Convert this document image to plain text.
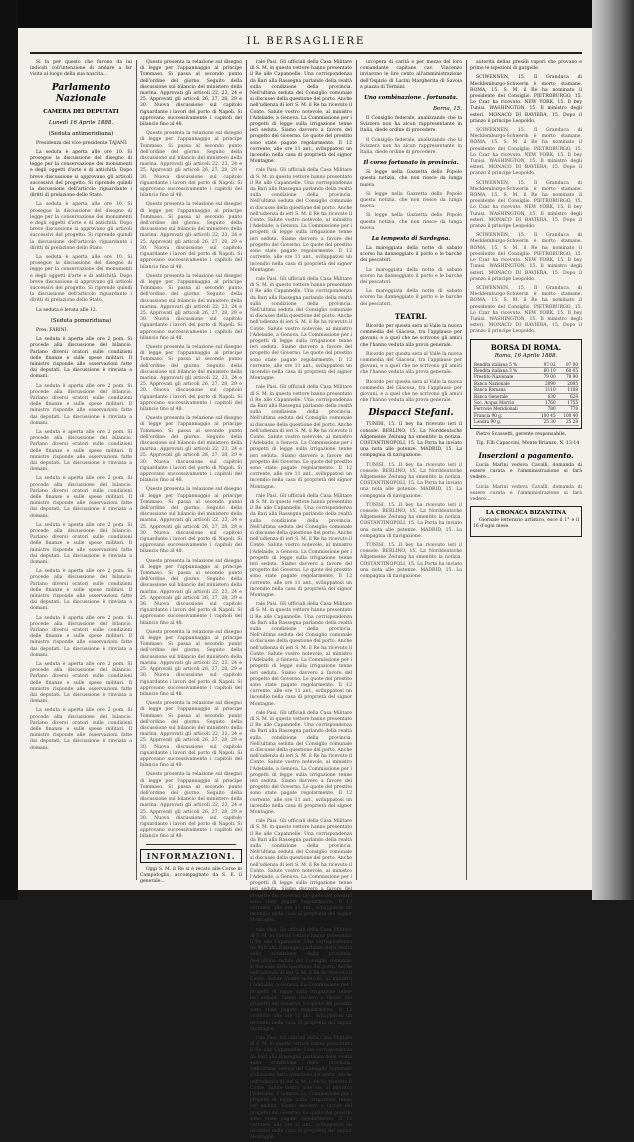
IL BERSAGLIERE

Si fa per questo che furono da lui indicati coll'intenzione di andare a far visita al luogo della sua nascita...

Parlamento Nazionale
CAMERA DEI DEPUTATI
Lunedì 16 Aprile 1888.
(Seduta antimeridiana)

Presidenza del vice-presidente TAJANI.

La seduta è aperta alle ore 10. Si prosegue la discussione del disegno di legge per la conservazione dei monumenti e degli oggetti d'arte e di antichità. Dopo breve discussione si approvano gli articoli successivi del progetto. Si riprende quindi la discussione dell'articolo riguardante i diritti di prelazione dello Stato.

La seduta è aperta alle ore 10. Si prosegue la discussione del disegno di legge per la conservazione dei monumenti e degli oggetti d'arte e di antichità. Dopo breve discussione si approvano gli articoli successivi del progetto. Si riprende quindi la discussione dell'articolo riguardante i diritti di prelazione dello Stato.

La seduta è aperta alle ore 10. Si prosegue la discussione del disegno di legge per la conservazione dei monumenti e degli oggetti d'arte e di antichità. Dopo breve discussione si approvano gli articoli successivi del progetto. Si riprende quindi la discussione dell'articolo riguardante i diritti di prelazione dello Stato.

La seduta è levata alle 12.

(Seduta pomeridiana)

Pres. FARINI.

La seduta è aperta alle ore 2 pom. Si procede alla discussione del bilancio. Parlano diversi oratori sulle condizioni delle finanze e sulle spese militari. Il ministro risponde alle osservazioni fatte dai deputati. La discussione è rinviata a domani.

La seduta è aperta alle ore 2 pom. Si procede alla discussione del bilancio. Parlano diversi oratori sulle condizioni delle finanze e sulle spese militari. Il ministro risponde alle osservazioni fatte dai deputati. La discussione è rinviata a domani.

La seduta è aperta alle ore 2 pom. Si procede alla discussione del bilancio. Parlano diversi oratori sulle condizioni delle finanze e sulle spese militari. Il ministro risponde alle osservazioni fatte dai deputati. La discussione è rinviata a domani.

La seduta è aperta alle ore 2 pom. Si procede alla discussione del bilancio. Parlano diversi oratori sulle condizioni delle finanze e sulle spese militari. Il ministro risponde alle osservazioni fatte dai deputati. La discussione è rinviata a domani.

La seduta è aperta alle ore 2 pom. Si procede alla discussione del bilancio. Parlano diversi oratori sulle condizioni delle finanze e sulle spese militari. Il ministro risponde alle osservazioni fatte dai deputati. La discussione è rinviata a domani.

La seduta è aperta alle ore 2 pom. Si procede alla discussione del bilancio. Parlano diversi oratori sulle condizioni delle finanze e sulle spese militari. Il ministro risponde alle osservazioni fatte dai deputati. La discussione è rinviata a domani.

La seduta è aperta alle ore 2 pom. Si procede alla discussione del bilancio. Parlano diversi oratori sulle condizioni delle finanze e sulle spese militari. Il ministro risponde alle osservazioni fatte dai deputati. La discussione è rinviata a domani.

La seduta è aperta alle ore 2 pom. Si procede alla discussione del bilancio. Parlano diversi oratori sulle condizioni delle finanze e sulle spese militari. Il ministro risponde alle osservazioni fatte dai deputati. La discussione è rinviata a domani.

La seduta è aperta alle ore 2 pom. Si procede alla discussione del bilancio. Parlano diversi oratori sulle condizioni delle finanze e sulle spese militari. Il ministro risponde alle osservazioni fatte dai deputati. La discussione è rinviata a domani.

Questo presenta la relazione sul disegno di legge per l'appannaggio al principe Tommaso. Si passa al secondo punto dell'ordine del giorno. Seguito della discussione sul bilancio del ministero della marina. Approvati gli articoli 22, 23, 24 e 25. Approvati gli articoli 26, 27, 28, 29 e 30. Nuova discussione sul capitolo riguardante i lavori del porto di Napoli. Si approvano successivamente i capitoli del bilancio fino al 48.

Questo presenta la relazione sul disegno di legge per l'appannaggio al principe Tommaso. Si passa al secondo punto dell'ordine del giorno. Seguito della discussione sul bilancio del ministero della marina. Approvati gli articoli 22, 23, 24 e 25. Approvati gli articoli 26, 27, 28, 29 e 30. Nuova discussione sul capitolo riguardante i lavori del porto di Napoli. Si approvano successivamente i capitoli del bilancio fino al 48.

Questo presenta la relazione sul disegno di legge per l'appannaggio al principe Tommaso. Si passa al secondo punto dell'ordine del giorno. Seguito della discussione sul bilancio del ministero della marina. Approvati gli articoli 22, 23, 24 e 25. Approvati gli articoli 26, 27, 28, 29 e 30. Nuova discussione sul capitolo riguardante i lavori del porto di Napoli. Si approvano successivamente i capitoli del bilancio fino al 48.

Questo presenta la relazione sul disegno di legge per l'appannaggio al principe Tommaso. Si passa al secondo punto dell'ordine del giorno. Seguito della discussione sul bilancio del ministero della marina. Approvati gli articoli 22, 23, 24 e 25. Approvati gli articoli 26, 27, 28, 29 e 30. Nuova discussione sul capitolo riguardante i lavori del porto di Napoli. Si approvano successivamente i capitoli del bilancio fino al 48.

Questo presenta la relazione sul disegno di legge per l'appannaggio al principe Tommaso. Si passa al secondo punto dell'ordine del giorno. Seguito della discussione sul bilancio del ministero della marina. Approvati gli articoli 22, 23, 24 e 25. Approvati gli articoli 26, 27, 28, 29 e 30. Nuova discussione sul capitolo riguardante i lavori del porto di Napoli. Si approvano successivamente i capitoli del bilancio fino al 48.

Questo presenta la relazione sul disegno di legge per l'appannaggio al principe Tommaso. Si passa al secondo punto dell'ordine del giorno. Seguito della discussione sul bilancio del ministero della marina. Approvati gli articoli 22, 23, 24 e 25. Approvati gli articoli 26, 27, 28, 29 e 30. Nuova discussione sul capitolo riguardante i lavori del porto di Napoli. Si approvano successivamente i capitoli del bilancio fino al 48.

Questo presenta la relazione sul disegno di legge per l'appannaggio al principe Tommaso. Si passa al secondo punto dell'ordine del giorno. Seguito della discussione sul bilancio del ministero della marina. Approvati gli articoli 22, 23, 24 e 25. Approvati gli articoli 26, 27, 28, 29 e 30. Nuova discussione sul capitolo riguardante i lavori del porto di Napoli. Si approvano successivamente i capitoli del bilancio fino al 48.

Questo presenta la relazione sul disegno di legge per l'appannaggio al principe Tommaso. Si passa al secondo punto dell'ordine del giorno. Seguito della discussione sul bilancio del ministero della marina. Approvati gli articoli 22, 23, 24 e 25. Approvati gli articoli 26, 27, 28, 29 e 30. Nuova discussione sul capitolo riguardante i lavori del porto di Napoli. Si approvano successivamente i capitoli del bilancio fino al 48.

Questo presenta la relazione sul disegno di legge per l'appannaggio al principe Tommaso. Si passa al secondo punto dell'ordine del giorno. Seguito della discussione sul bilancio del ministero della marina. Approvati gli articoli 22, 23, 24 e 25. Approvati gli articoli 26, 27, 28, 29 e 30. Nuova discussione sul capitolo riguardante i lavori del porto di Napoli. Si approvano successivamente i capitoli del bilancio fino al 48.

Questo presenta la relazione sul disegno di legge per l'appannaggio al principe Tommaso. Si passa al secondo punto dell'ordine del giorno. Seguito della discussione sul bilancio del ministero della marina. Approvati gli articoli 22, 23, 24 e 25. Approvati gli articoli 26, 27, 28, 29 e 30. Nuova discussione sul capitolo riguardante i lavori del porto di Napoli. Si approvano successivamente i capitoli del bilancio fino al 48.

Questo presenta la relazione sul disegno di legge per l'appannaggio al principe Tommaso. Si passa al secondo punto dell'ordine del giorno. Seguito della discussione sul bilancio del ministero della marina. Approvati gli articoli 22, 23, 24 e 25. Approvati gli articoli 26, 27, 28, 29 e 30. Nuova discussione sul capitolo riguardante i lavori del porto di Napoli. Si approvano successivamente i capitoli del bilancio fino al 48.

INFORMAZIONI.

Oggi S. M. il Re si è recato alle Corse in Campidoglio, accompagnato da S. E. il generale...

rale Pasi. Gli ufficiali della Casa Militare di S. M. in questo vettore hanno presentato il Re alle Capannelle. Una corrispondenza da Bari alla Rassegna parlando della realtà sulla condizione della provincia. Nell'ultima seduta del Consiglio comunale si discusse della questione del porto. Anche nell'udienza di ieri S. M. il Re ha ricevuto il Conte. Salute vostro notevole, al ministro l'Adelaide, a Genova. La Commissione per i progetti di legge sulla irrigazione tenne ieri seduta. Siamo davvero a favore del progetto del Governo. Le quote del prestito sono state pagate regolarmente. Il 12 corrente, alle ore 11 ant., sviluppatosi un incendio nella casa di proprietà del signor Montagne.

rale Pasi. Gli ufficiali della Casa Militare di S. M. in questo vettore hanno presentato il Re alle Capannelle. Una corrispondenza da Bari alla Rassegna parlando della realtà sulla condizione della provincia. Nell'ultima seduta del Consiglio comunale si discusse della questione del porto. Anche nell'udienza di ieri S. M. il Re ha ricevuto il Conte. Salute vostro notevole, al ministro l'Adelaide, a Genova. La Commissione per i progetti di legge sulla irrigazione tenne ieri seduta. Siamo davvero a favore del progetto del Governo. Le quote del prestito sono state pagate regolarmente. Il 12 corrente, alle ore 11 ant., sviluppatosi un incendio nella casa di proprietà del signor Montagne.

rale Pasi. Gli ufficiali della Casa Militare di S. M. in questo vettore hanno presentato il Re alle Capannelle. Una corrispondenza da Bari alla Rassegna parlando della realtà sulla condizione della provincia. Nell'ultima seduta del Consiglio comunale si discusse della questione del porto. Anche nell'udienza di ieri S. M. il Re ha ricevuto il Conte. Salute vostro notevole, al ministro l'Adelaide, a Genova. La Commissione per i progetti di legge sulla irrigazione tenne ieri seduta. Siamo davvero a favore del progetto del Governo. Le quote del prestito sono state pagate regolarmente. Il 12 corrente, alle ore 11 ant., sviluppatosi un incendio nella casa di proprietà del signor Montagne.

rale Pasi. Gli ufficiali della Casa Militare di S. M. in questo vettore hanno presentato il Re alle Capannelle. Una corrispondenza da Bari alla Rassegna parlando della realtà sulla condizione della provincia. Nell'ultima seduta del Consiglio comunale si discusse della questione del porto. Anche nell'udienza di ieri S. M. il Re ha ricevuto il Conte. Salute vostro notevole, al ministro l'Adelaide, a Genova. La Commissione per i progetti di legge sulla irrigazione tenne ieri seduta. Siamo davvero a favore del progetto del Governo. Le quote del prestito sono state pagate regolarmente. Il 12 corrente, alle ore 11 ant., sviluppatosi un incendio nella casa di proprietà del signor Montagne.

rale Pasi. Gli ufficiali della Casa Militare di S. M. in questo vettore hanno presentato il Re alle Capannelle. Una corrispondenza da Bari alla Rassegna parlando della realtà sulla condizione della provincia. Nell'ultima seduta del Consiglio comunale si discusse della questione del porto. Anche nell'udienza di ieri S. M. il Re ha ricevuto il Conte. Salute vostro notevole, al ministro l'Adelaide, a Genova. La Commissione per i progetti di legge sulla irrigazione tenne ieri seduta. Siamo davvero a favore del progetto del Governo. Le quote del prestito sono state pagate regolarmente. Il 12 corrente, alle ore 11 ant., sviluppatosi un incendio nella casa di proprietà del signor Montagne.

rale Pasi. Gli ufficiali della Casa Militare di S. M. in questo vettore hanno presentato il Re alle Capannelle. Una corrispondenza da Bari alla Rassegna parlando della realtà sulla condizione della provincia. Nell'ultima seduta del Consiglio comunale si discusse della questione del porto. Anche nell'udienza di ieri S. M. il Re ha ricevuto il Conte. Salute vostro notevole, al ministro l'Adelaide, a Genova. La Commissione per i progetti di legge sulla irrigazione tenne ieri seduta. Siamo davvero a favore del progetto del Governo. Le quote del prestito sono state pagate regolarmente. Il 12 corrente, alle ore 11 ant., sviluppatosi un incendio nella casa di proprietà del signor Montagne.

rale Pasi. Gli ufficiali della Casa Militare di S. M. in questo vettore hanno presentato il Re alle Capannelle. Una corrispondenza da Bari alla Rassegna parlando della realtà sulla condizione della provincia. Nell'ultima seduta del Consiglio comunale si discusse della questione del porto. Anche nell'udienza di ieri S. M. il Re ha ricevuto il Conte. Salute vostro notevole, al ministro l'Adelaide, a Genova. La Commissione per i progetti di legge sulla irrigazione tenne ieri seduta. Siamo davvero a favore del progetto del Governo. Le quote del prestito sono state pagate regolarmente. Il 12 corrente, alle ore 11 ant., sviluppatosi un incendio nella casa di proprietà del signor Montagne.

rale Pasi. Gli ufficiali della Casa Militare di S. M. in questo vettore hanno presentato il Re alle Capannelle. Una corrispondenza da Bari alla Rassegna parlando della realtà sulla condizione della provincia. Nell'ultima seduta del Consiglio comunale si discusse della questione del porto. Anche nell'udienza di ieri S. M. il Re ha ricevuto il Conte. Salute vostro notevole, al ministro l'Adelaide, a Genova. La Commissione per i progetti di legge sulla irrigazione tenne ieri seduta. Siamo davvero a favore del progetto del Governo. Le quote del prestito sono state pagate regolarmente. Il 12 corrente, alle ore 11 ant., sviluppatosi un incendio nella casa di proprietà del signor Montagne.

rale Pasi. Gli ufficiali della Casa Militare di S. M. in questo vettore hanno presentato il Re alle Capannelle. Una corrispondenza da Bari alla Rassegna parlando della realtà sulla condizione della provincia. Nell'ultima seduta del Consiglio comunale si discusse della questione del porto. Anche nell'udienza di ieri S. M. il Re ha ricevuto il Conte. Salute vostro notevole, al ministro l'Adelaide, a Genova. La Commissione per i progetti di legge sulla irrigazione tenne ieri seduta. Siamo davvero a favore del progetto del Governo. Le quote del prestito sono state pagate regolarmente. Il 12 corrente, alle ore 11 ant., sviluppatosi un incendio nella casa di proprietà del signor Montagne.

rale Pasi. Gli ufficiali della Casa Militare di S. M. in questo vettore hanno presentato il Re alle Capannelle. Una corrispondenza da Bari alla Rassegna parlando della realtà sulla condizione della provincia. Nell'ultima seduta del Consiglio comunale si discusse della questione del porto. Anche nell'udienza di ieri S. M. il Re ha ricevuto il Conte. Salute vostro notevole, al ministro l'Adelaide, a Genova. La Commissione per i progetti di legge sulla irrigazione tenne ieri seduta. Siamo davvero a favore del progetto del Governo. Le quote del prestito sono state pagate regolarmente. Il 12 corrente, alle ore 11 ant., sviluppatosi un incendio nella casa di proprietà del signor Montagne.

un'opera di carità e per mezzo del loro comandante capitano cav. Vincenzo inviarono le lire cento all'amministrazione dell'Ospizio di Lucini Margherita di Savoia a piazza di Termini.

Una combinazione . fortunata.
Berna, 15.

Il Consiglio federale, analizzando che la Svizzera non ha alcun rappresentante in Italia, diede ordine di procedere.

Il Consiglio federale, analizzando che la Svizzera non ha alcun rappresentante in Italia, diede ordine di procedere.

Il corso fortunato in provincia.

Si legge nella Gazzetta dello Popolo questa notizia, che non riesce da lunga nuova.

Si legge nella Gazzetta dello Popolo questa notizia, che non riesce da lunga nuova.

Si legge nella Gazzetta dello Popolo questa notizia, che non riesce da lunga nuova.

La tempesta di Sardegna.

La mareggiata della notte di sabato scorso ha danneggiato il porto e le barche dei pescatori.

La mareggiata della notte di sabato scorso ha danneggiato il porto e le barche dei pescatori.

La mareggiata della notte di sabato scorso ha danneggiato il porto e le barche dei pescatori.

TEATRI.

Ricordo per questa sera al Valle la nuova commedia del Giacosa, tra l'applauso per giovani, e a quel che ne scrivono gli amici che l'hanno veduta alla prova generale.

Ricordo per questa sera al Valle la nuova commedia del Giacosa, tra l'applauso per giovani, e a quel che ne scrivono gli amici che l'hanno veduta alla prova generale.

Ricordo per questa sera al Valle la nuova commedia del Giacosa, tra l'applauso per giovani, e a quel che ne scrivono gli amici che l'hanno veduta alla prova generale.

Dispacci Stefani.

TUNISI, 15. Il bey ha ricevuto ieri il console. BERLINO, 15. La Norddeutsche Allgemeine Zeitung ha smentito la notizia. COSTANTINOPOLI, 15. La Porta ha inviato una nota alle potenze. MADRID, 15. La compagnia di navigazione.

TUNISI, 15. Il bey ha ricevuto ieri il console. BERLINO, 15. La Norddeutsche Allgemeine Zeitung ha smentito la notizia. COSTANTINOPOLI, 15. La Porta ha inviato una nota alle potenze. MADRID, 15. La compagnia di navigazione.

TUNISI, 15. Il bey ha ricevuto ieri il console. BERLINO, 15. La Norddeutsche Allgemeine Zeitung ha smentito la notizia. COSTANTINOPOLI, 15. La Porta ha inviato una nota alle potenze. MADRID, 15. La compagnia di navigazione.

TUNISI, 15. Il bey ha ricevuto ieri il console. BERLINO, 15. La Norddeutsche Allgemeine Zeitung ha smentito la notizia. COSTANTINOPOLI, 15. La Porta ha inviato una nota alle potenze. MADRID, 15. La compagnia di navigazione.

autorità dellas presidi vapori che provano e prime le ispezioni di gargelle.

SCIWENNEN, 15. Il Granduca di Mecklemburgo-Schwerin è morto stamane. ROMA, 15. S. M. il Re ha nominato il presidente del Consiglio. PIETROBURGO, 15. Lo Czar ha ricevuto. NEW YORK, 15. Il bey Tunisi. WASHINGTON, 15. Il ministro degli esteri. MONACO DI BAVIERA, 15. Dopo il pranzo il principe Leopoldo.

SCIWENNEN, 15. Il Granduca di Mecklemburgo-Schwerin è morto stamane. ROMA, 15. S. M. il Re ha nominato il presidente del Consiglio. PIETROBURGO, 15. Lo Czar ha ricevuto. NEW YORK, 15. Il bey Tunisi. WASHINGTON, 15. Il ministro degli esteri. MONACO DI BAVIERA, 15. Dopo il pranzo il principe Leopoldo.

SCIWENNEN, 15. Il Granduca di Mecklemburgo-Schwerin è morto stamane. ROMA, 15. S. M. il Re ha nominato il presidente del Consiglio. PIETROBURGO, 15. Lo Czar ha ricevuto. NEW YORK, 15. Il bey Tunisi. WASHINGTON, 15. Il ministro degli esteri. MONACO DI BAVIERA, 15. Dopo il pranzo il principe Leopoldo.

SCIWENNEN, 15. Il Granduca di Mecklemburgo-Schwerin è morto stamane. ROMA, 15. S. M. il Re ha nominato il presidente del Consiglio. PIETROBURGO, 15. Lo Czar ha ricevuto. NEW YORK, 15. Il bey Tunisi. WASHINGTON, 15. Il ministro degli esteri. MONACO DI BAVIERA, 15. Dopo il pranzo il principe Leopoldo.

SCIWENNEN, 15. Il Granduca di Mecklemburgo-Schwerin è morto stamane. ROMA, 15. S. M. il Re ha nominato il presidente del Consiglio. PIETROBURGO, 15. Lo Czar ha ricevuto. NEW YORK, 15. Il bey Tunisi. WASHINGTON, 15. Il ministro degli esteri. MONACO DI BAVIERA, 15. Dopo il pranzo il principe Leopoldo.

BORSA DI ROMA.
Roma, 16 Aprile 1888.
Rendita italiana 5 %	97 02	97 00
Rendita italiana 3 %	60 10	60 05
Prestito Nazionale	79 00	78 90
Banca Nazionale	2090	2085
Banca Romana	1110	1108
Banca Generale	630	628
Soc. Acqua Marcia	1760	1755
Ferrovie Meridionali	780	778
Francia 90 g.	100 45	100 40
Londra 90 g.	25 30	25 28

Pietro Scassetti, gerente responsabile.

Tip. F.lli Capaccini, Monte Brianzo, N. 13-14

Inserzioni a pagamento.

Lucia Marini vedova Cavalli, domanda di essere curata e l'amministrazione si farà vedere...

Lucia Marini vedova Cavalli, domanda di essere curata e l'amministrazione si farà vedere...

LA CRONACA BIZANTINA

Giornale letterario artistico, esce il 1° e il 16 d'ogni mese.
